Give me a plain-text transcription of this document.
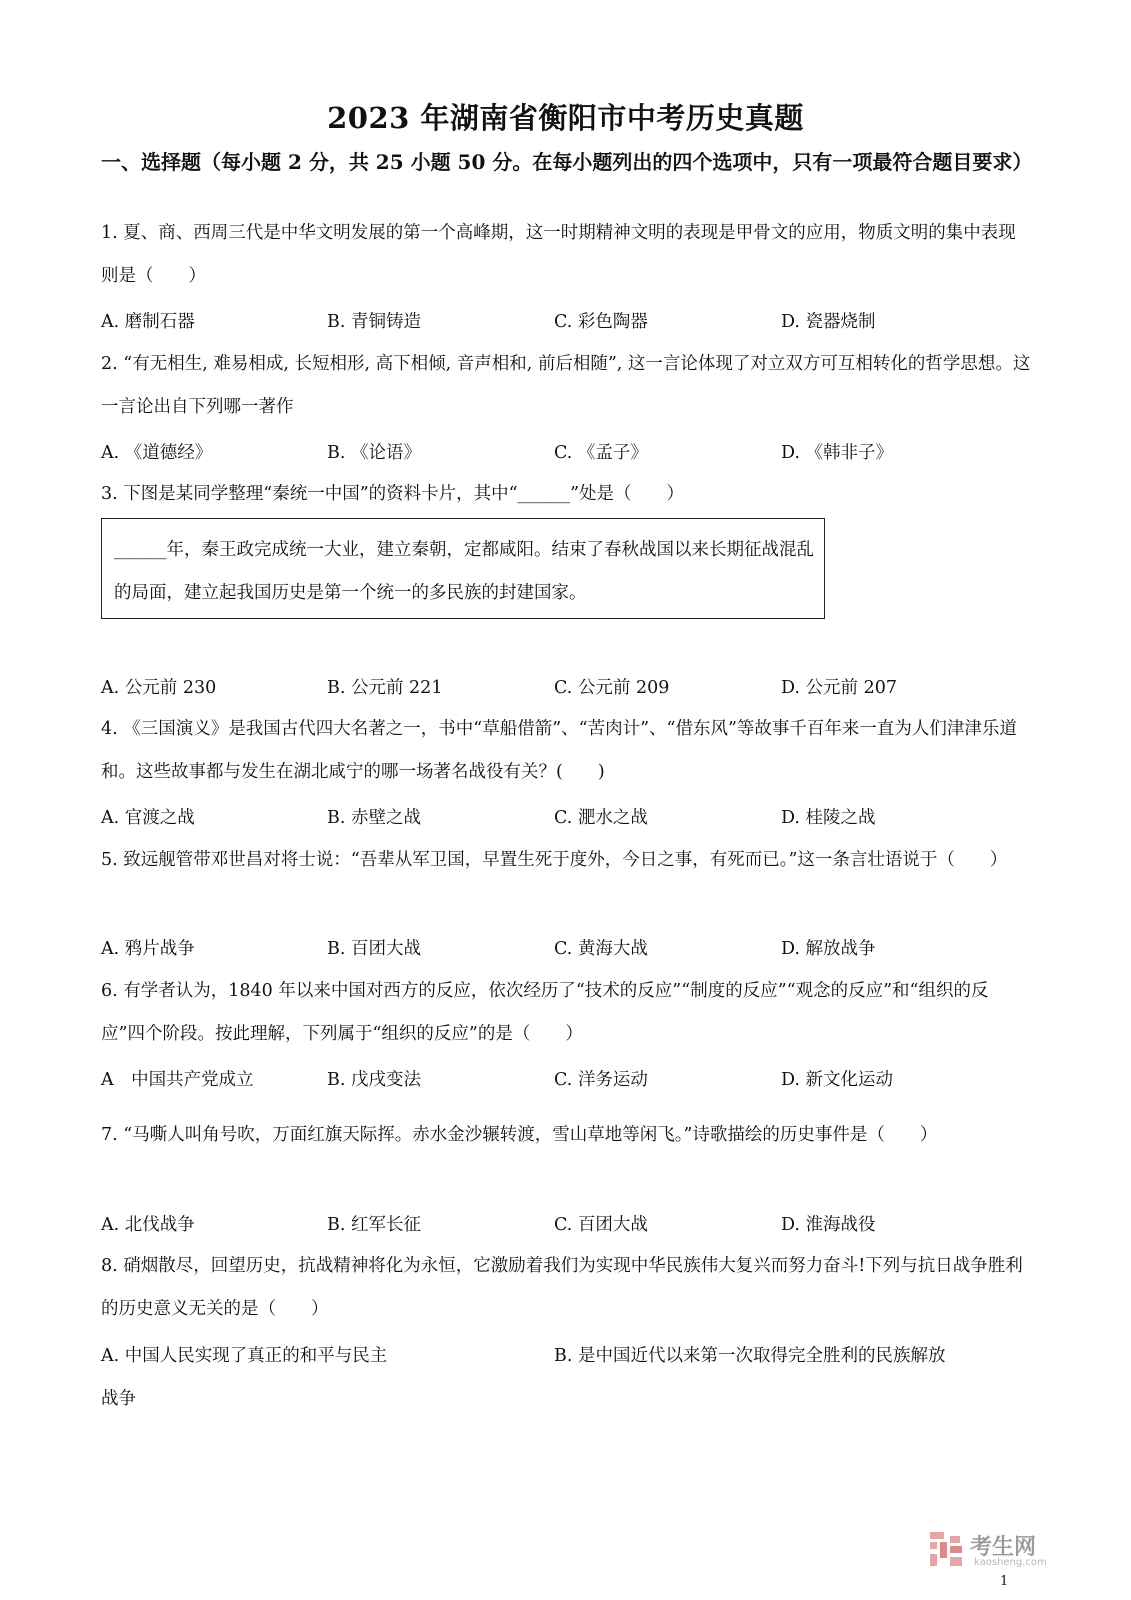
2023 年湖南省衡阳市中考历史真题
一、选择题（每小题 2 分，共 25 小题 50 分。在每小题列出的四个选项中，只有一项最符合题目要求）
1. 夏、商、西周三代是中华文明发展的第一个高峰期，这一时期精神文明的表现是甲骨文的应用，物质文明的集中表现则是（　　）
A. 磨制石器	B. 青铜铸造	C. 彩色陶器	D. 瓷器烧制
2. “有无相生, 难易相成, 长短相形, 高下相倾, 音声相和, 前后相随”, 这一言论体现了对立双方可互相转化的哲学思想。这一言论出自下列哪一著作
A. 《道德经》	B. 《论语》	C. 《孟子》	D. 《韩非子》
3. 下图是某同学整理“秦统一中国”的资料卡片，其中“______”处是（　　）
______年，秦王政完成统一大业，建立秦朝，定都咸阳。结束了春秋战国以来长期征战混乱的局面，建立起我国历史是第一个统一的多民族的封建国家。
A. 公元前 230	B. 公元前 221	C. 公元前 209	D. 公元前 207
4. 《三国演义》是我国古代四大名著之一，书中“草船借箭”、“苦肉计”、“借东风”等故事千百年来一直为人们津津乐道和。这些故事都与发生在湖北咸宁的哪一场著名战役有关？(　　)
A. 官渡之战	B. 赤壁之战	C. 淝水之战	D. 桂陵之战
5. 致远舰管带邓世昌对将士说：“吾辈从军卫国，早置生死于度外，今日之事，有死而已。”这一条言壮语说于（　　）
A. 鸦片战争	B. 百团大战	C. 黄海大战	D. 解放战争
6. 有学者认为，1840 年以来中国对西方的反应，依次经历了“技术的反应”“制度的反应”“观念的反应”和“组织的反应”四个阶段。按此理解，下列属于“组织的反应”的是（　　）
A　中国共产党成立	B. 戊戌变法	C. 洋务运动	D. 新文化运动
7. “马嘶人叫角号吹，万面红旗天际挥。赤水金沙辗转渡，雪山草地等闲飞。”诗歌描绘的历史事件是（　　）
A. 北伐战争	B. 红军长征	C. 百团大战	D. 淮海战役
8. 硝烟散尽，回望历史，抗战精神将化为永恒，它激励着我们为实现中华民族伟大复兴而努力奋斗!下列与抗日战争胜利的历史意义无关的是（　　）
A. 中国人民实现了真正的和平与民主	B. 是中国近代以来第一次取得完全胜利的民族解放
战争
考生网
kaosheng.com
1
